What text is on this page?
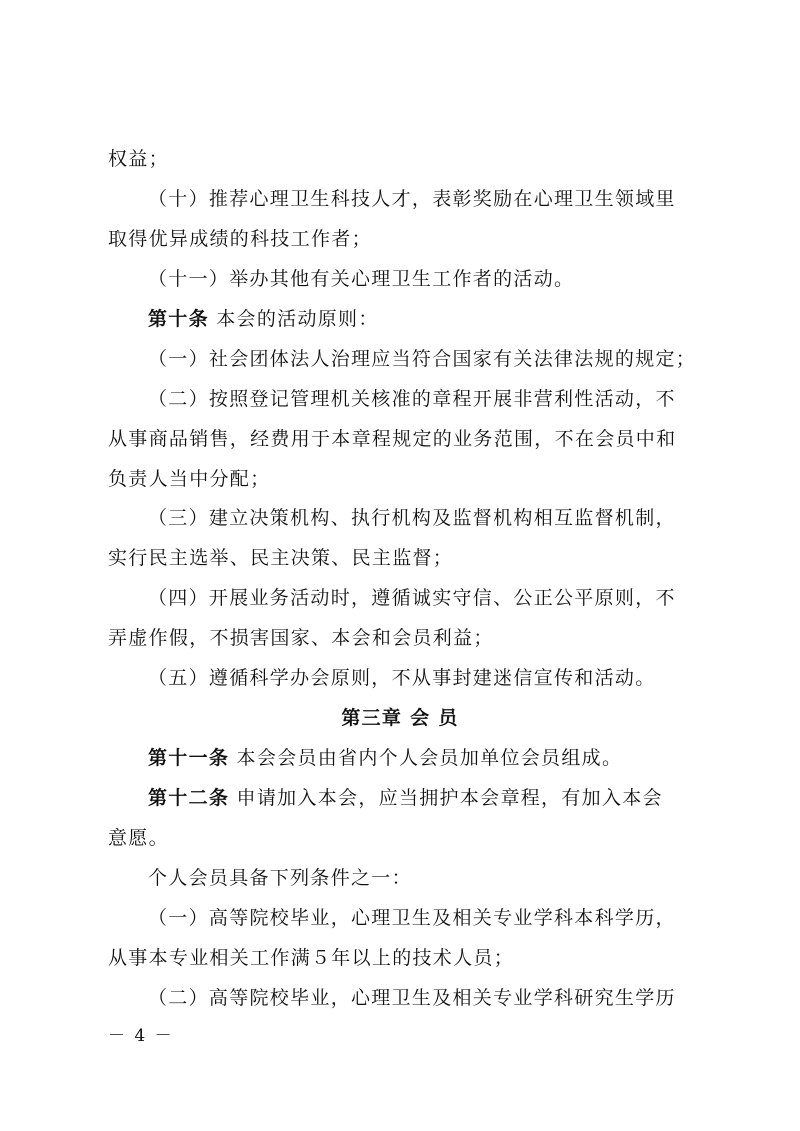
权益；
（十）推荐心理卫生科技人才，表彰奖励在心理卫生领域里
取得优异成绩的科技工作者；
（十一）举办其他有关心理卫生工作者的活动。
第十条 本会的活动原则：
（一）社会团体法人治理应当符合国家有关法律法规的规定；
（二）按照登记管理机关核准的章程开展非营利性活动，不
从事商品销售，经费用于本章程规定的业务范围，不在会员中和
负责人当中分配；
（三）建立决策机构、执行机构及监督机构相互监督机制，
实行民主选举、民主决策、民主监督；
（四）开展业务活动时，遵循诚实守信、公正公平原则，不
弄虚作假，不损害国家、本会和会员利益；
（五）遵循科学办会原则，不从事封建迷信宣传和活动。
第三章 会 员
第十一条 本会会员由省内个人会员加单位会员组成。
第十二条 申请加入本会，应当拥护本会章程，有加入本会
意愿。
个人会员具备下列条件之一：
（一）高等院校毕业，心理卫生及相关专业学科本科学历，
从事本专业相关工作满５年以上的技术人员；
（二）高等院校毕业，心理卫生及相关专业学科研究生学历
－ 4 －
